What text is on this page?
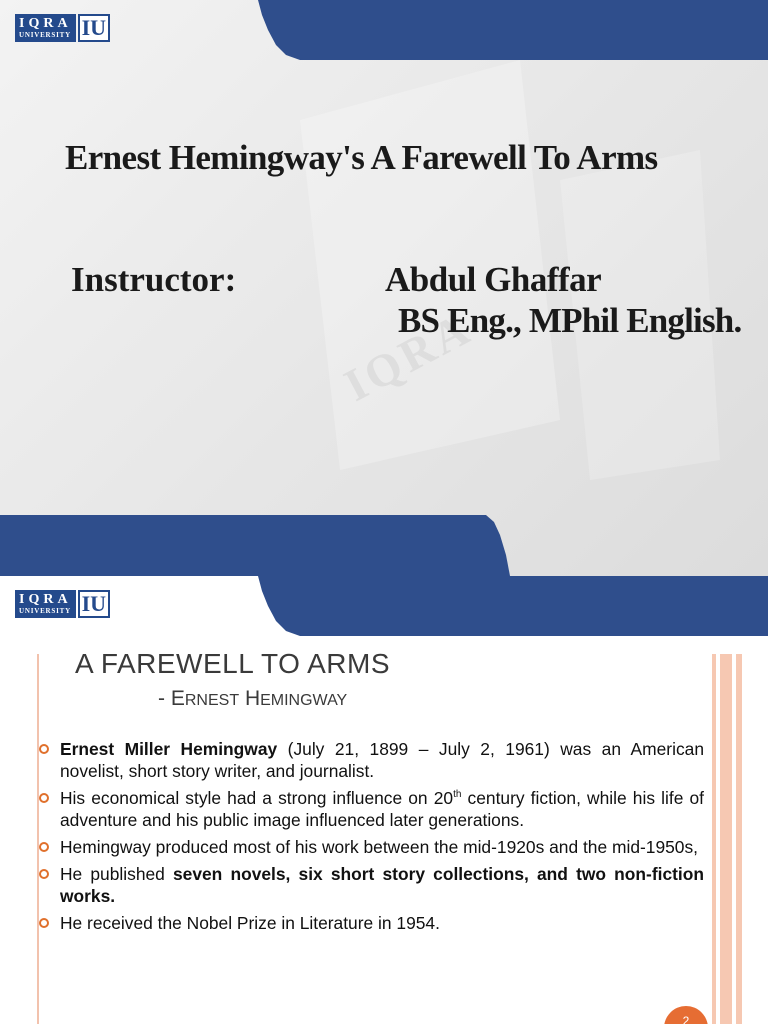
IQRA
IQRA
UNIVERSITY IU
Ernest Hemingway's A Farewell To Arms
Instructor:	Abdul Ghaffar
BS Eng., MPhil English.
IQRA
UNIVERSITY IU
A FAREWELL TO ARMS
- ERNEST HEMINGWAY
Ernest Miller Hemingway (July 21, 1899 – July 2, 1961) was an American novelist, short story writer, and journalist.
His economical style had a strong influence on 20th century fiction, while his life of adventure and his public image influenced later generations.
Hemingway produced most of his work between the mid-1920s and the mid-1950s,
He published seven novels, six short story collections, and two non-fiction works.
He received the Nobel Prize in Literature in 1954.
2
